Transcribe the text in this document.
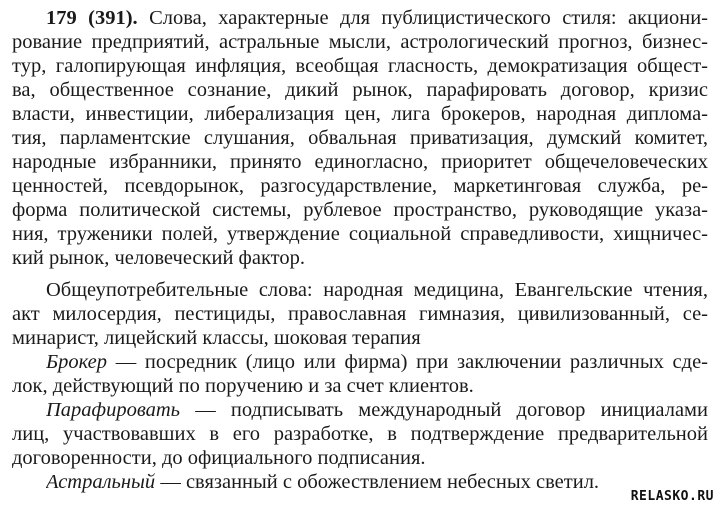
179 (391). Слова, характерные для публицистического стиля: акциони-
рование предприятий, астральные мысли, астрологический прогноз, бизнес-
тур, галопирующая инфляция, всеобщая гласность, демократизация общест-
ва, общественное сознание, дикий рынок, парафировать договор, кризис
власти, инвестиции, либерализация цен, лига брокеров, народная диплома-
тия, парламентские слушания, обвальная приватизация, думский комитет,
народные избранники, принято единогласно, приоритет общечеловеческих
ценностей, псевдорынок, разгосударствление, маркетинговая служба, ре-
форма политической системы, рублевое пространство, руководящие указа-
ния, труженики полей, утверждение социальной справедливости, хищничес-
кий рынок, человеческий фактор.
Общеупотребительные слова: народная медицина, Евангельские чтения,
акт милосердия, пестициды, православная гимназия, цивилизованный, се-
минарист, лицейский классы, шоковая терапия
Брокер — посредник (лицо или фирма) при заключении различных сде-
лок, действующий по поручению и за счет клиентов.
Парафировать — подписывать международный договор инициалами
лиц, участвовавших в его разработке, в подтверждение предварительной
договоренности, до официального подписания.
Астральный — связанный с обожествлением небесных светил.
RELASKO.RU
